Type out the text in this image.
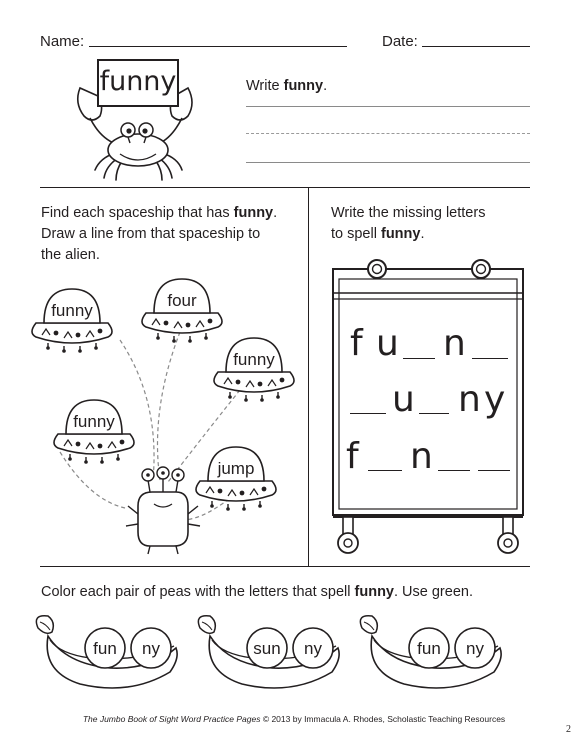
Name:	Date:
funny	Write funny.
Find each spaceship that has funny.
Draw a line from that spaceship to
the alien.
funny
four
funny
funny
jump
Write the missing letters
to spell funny.
f u n
u n y
f n
Color each pair of peas with the letters that spell funny. Use green.
fun ny	sun ny	fun ny
The Jumbo Book of Sight Word Practice Pages © 2013 by Immacula A. Rhodes, Scholastic Teaching Resources
2
